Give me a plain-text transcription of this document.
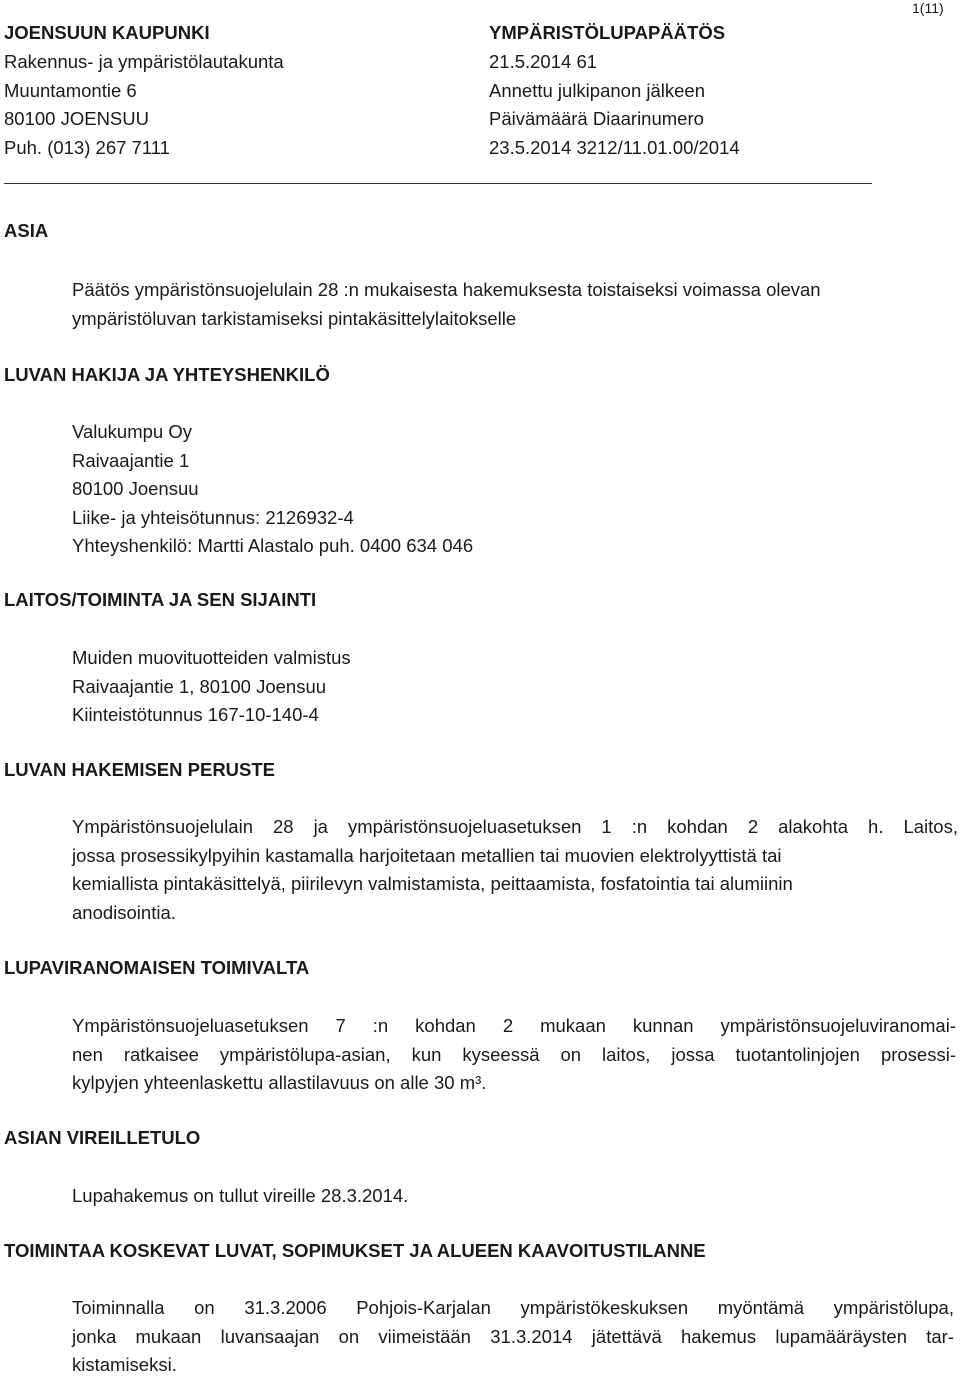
JOENSUUN KAUPUNKI
Rakennus- ja ympäristölautakunta
Muuntamontie 6
80100 JOENSUU
Puh. (013) 267 7111
YMPÄRISTÖLUPAPÄÄTÖS
21.5.2014 61
Annettu julkipanon jälkeen
Päivämäärä Diaarinumero
23.5.2014 3212/11.01.00/2014
1(11)
ASIA
Päätös ympäristönsuojelulain 28 :n mukaisesta hakemuksesta toistaiseksi voimassa olevan
ympäristöluvan tarkistamiseksi pintakäsittelylaitokselle
LUVAN HAKIJA JA YHTEYSHENKILÖ
Valukumpu Oy
Raivaajantie 1
80100 Joensuu
Liike- ja yhteisötunnus: 2126932-4
Yhteyshenkilö: Martti Alastalo puh. 0400 634 046
LAITOS/TOIMINTA JA SEN SIJAINTI
Muiden muovituotteiden valmistus
Raivaajantie 1, 80100 Joensuu
Kiinteistötunnus 167-10-140-4
LUVAN HAKEMISEN PERUSTE
Ympäristönsuojelulain 28 ja ympäristönsuojeluasetuksen 1 :n kohdan 2 alakohta h. Laitos,
jossa prosessikylpyihin kastamalla harjoitetaan metallien tai muovien elektrolyyttistä tai
kemiallista pintakäsittelyä, piirilevyn valmistamista, peittaamista, fosfatointia tai alumiinin
anodisointia.
LUPAVIRANOMAISEN TOIMIVALTA
Ympäristönsuojeluasetuksen 7 :n kohdan 2 mukaan kunnan ympäristönsuojeluviranomai-
nen ratkaisee ympäristölupa-asian, kun kyseessä on laitos, jossa tuotantolinjojen prosessi-
kylpyjen yhteenlaskettu allastilavuus on alle 30 m³.
ASIAN VIREILLETULO
Lupahakemus on tullut vireille 28.3.2014.
TOIMINTAA KOSKEVAT LUVAT, SOPIMUKSET JA ALUEEN KAAVOITUSTILANNE
Toiminnalla on 31.3.2006 Pohjois-Karjalan ympäristökeskuksen myöntämä ympäristölupa,
jonka mukaan luvansaajan on viimeistään 31.3.2014 jätettävä hakemus lupamääräysten tar-
kistamiseksi.
